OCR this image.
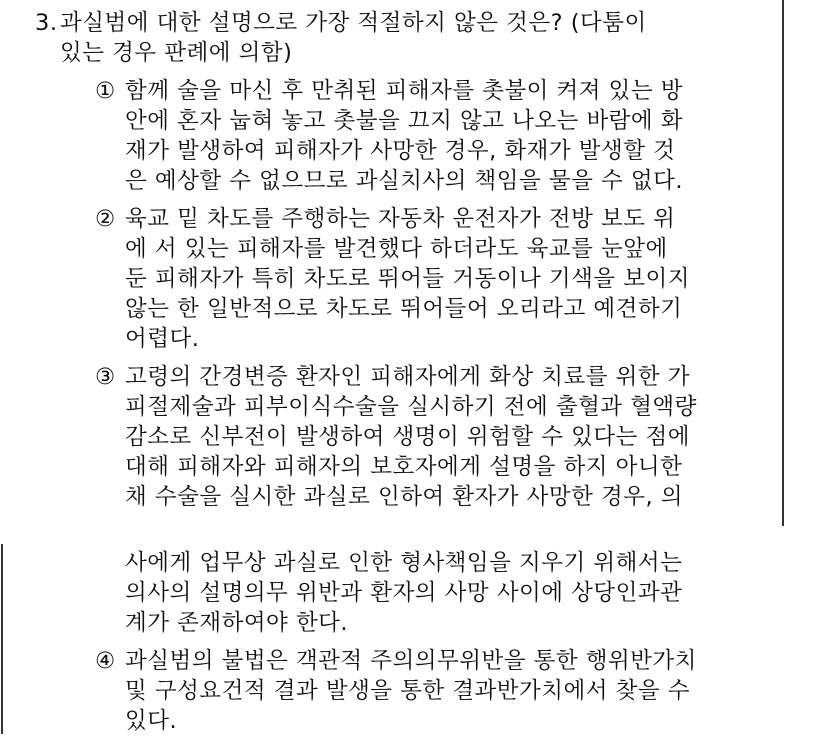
3. 과실범에 대한 설명으로 가장 적절하지 않은 것은? (다툼이
있는 경우 판례에 의함)
① 함께 술을 마신 후 만취된 피해자를 촛불이 켜져 있는 방
안에 혼자 눕혀 놓고 촛불을 끄지 않고 나오는 바람에 화
재가 발생하여 피해자가 사망한 경우, 화재가 발생할 것
은 예상할 수 없으므로 과실치사의 책임을 물을 수 없다.
② 육교 밑 차도를 주행하는 자동차 운전자가 전방 보도 위
에 서 있는 피해자를 발견했다 하더라도 육교를 눈앞에
둔 피해자가 특히 차도로 뛰어들 거동이나 기색을 보이지
않는 한 일반적으로 차도로 뛰어들어 오리라고 예견하기
어렵다.
③ 고령의 간경변증 환자인 피해자에게 화상 치료를 위한 가
피절제술과 피부이식수술을 실시하기 전에 출혈과 혈액량
감소로 신부전이 발생하여 생명이 위험할 수 있다는 점에
대해 피해자와 피해자의 보호자에게 설명을 하지 아니한
채 수술을 실시한 과실로 인하여 환자가 사망한 경우, 의
사에게 업무상 과실로 인한 형사책임을 지우기 위해서는
의사의 설명의무 위반과 환자의 사망 사이에 상당인과관
계가 존재하여야 한다.
④ 과실범의 불법은 객관적 주의의무위반을 통한 행위반가치
및 구성요건적 결과 발생을 통한 결과반가치에서 찾을 수
있다.
